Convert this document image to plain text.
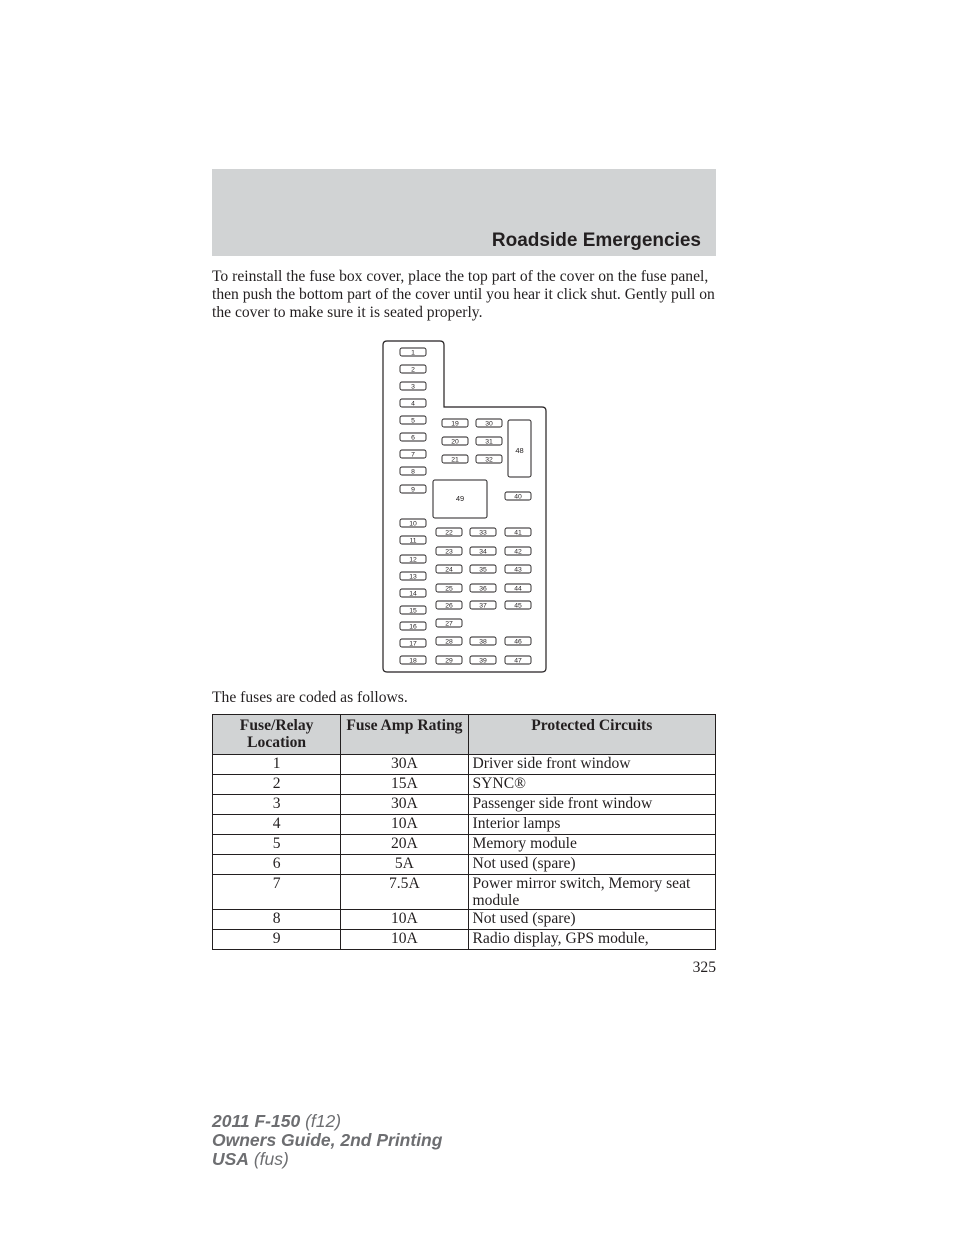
Roadside Emergencies

To reinstall the fuse box cover, place the top part of the cover on the fuse panel, then push the bottom part of the cover until you hear it click shut. Gently pull on the cover to make sure it is seated properly.

48
49
1
2
3
4
5
6
7
8
9
10
11
12
13
14
15
16
17
18
19
20
21
30
31
32
40
22
23
24
25
26
27
28
29
33
34
35
36
37
38
39
41
42
43
44
45
46
47

The fuses are coded as follows.

Fuse/Relay Location	Fuse Amp Rating	Protected Circuits
1	30A	Driver side front window
2	15A	SYNC®
3	30A	Passenger side front window
4	10A	Interior lamps
5	20A	Memory module
6	5A	Not used (spare)
7	7.5A	Power mirror switch, Memory seat module
8	10A	Not used (spare)
9	10A	Radio display, GPS module,
325
2011 F-150 (f12)
Owners Guide, 2nd Printing
USA (fus)
